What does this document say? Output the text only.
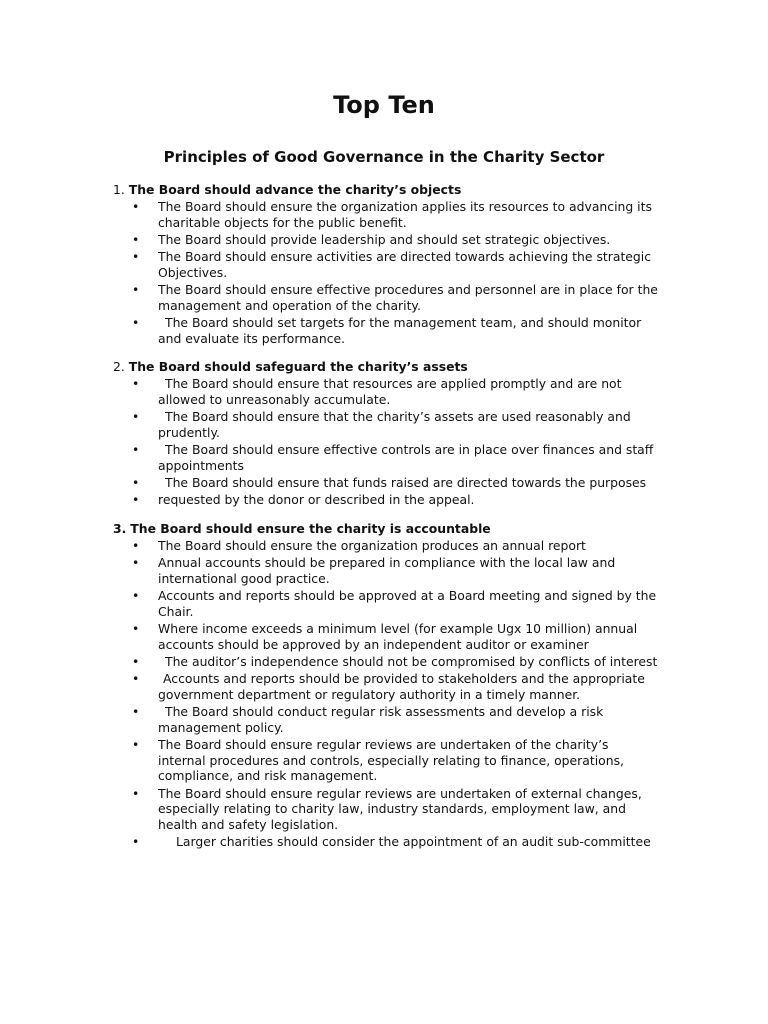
Top Ten
Principles of Good Governance in the Charity Sector

1. The Board should advance the charity’s objects

• The Board should ensure the organization applies its resources to advancing its charitable objects for the public benefit.
• The Board should provide leadership and should set strategic objectives.
• The Board should ensure activities are directed towards achieving the strategic Objectives.
• The Board should ensure effective procedures and personnel are in place for the management and operation of the charity.
• The Board should set targets for the management team, and should monitor and evaluate its performance.

2. The Board should safeguard the charity’s assets

• The Board should ensure that resources are applied promptly and are not allowed to unreasonably accumulate.
• The Board should ensure that the charity’s assets are used reasonably and prudently.
• The Board should ensure effective controls are in place over finances and staff appointments
• The Board should ensure that funds raised are directed towards the purposes
• requested by the donor or described in the appeal.

3. The Board should ensure the charity is accountable

• The Board should ensure the organization produces an annual report
• Annual accounts should be prepared in compliance with the local law and international good practice.
• Accounts and reports should be approved at a Board meeting and signed by the Chair.
• Where income exceeds a minimum level (for example Ugx 10 million) annual accounts should be approved by an independent auditor or examiner
• The auditor’s independence should not be compromised by conflicts of interest
• Accounts and reports should be provided to stakeholders and the appropriate government department or regulatory authority in a timely manner.
• The Board should conduct regular risk assessments and develop a risk management policy.
• The Board should ensure regular reviews are undertaken of the charity’s internal procedures and controls, especially relating to finance, operations, compliance, and risk management.
• The Board should ensure regular reviews are undertaken of external changes, especially relating to charity law, industry standards, employment law, and health and safety legislation.
• Larger charities should consider the appointment of an audit sub-committee
